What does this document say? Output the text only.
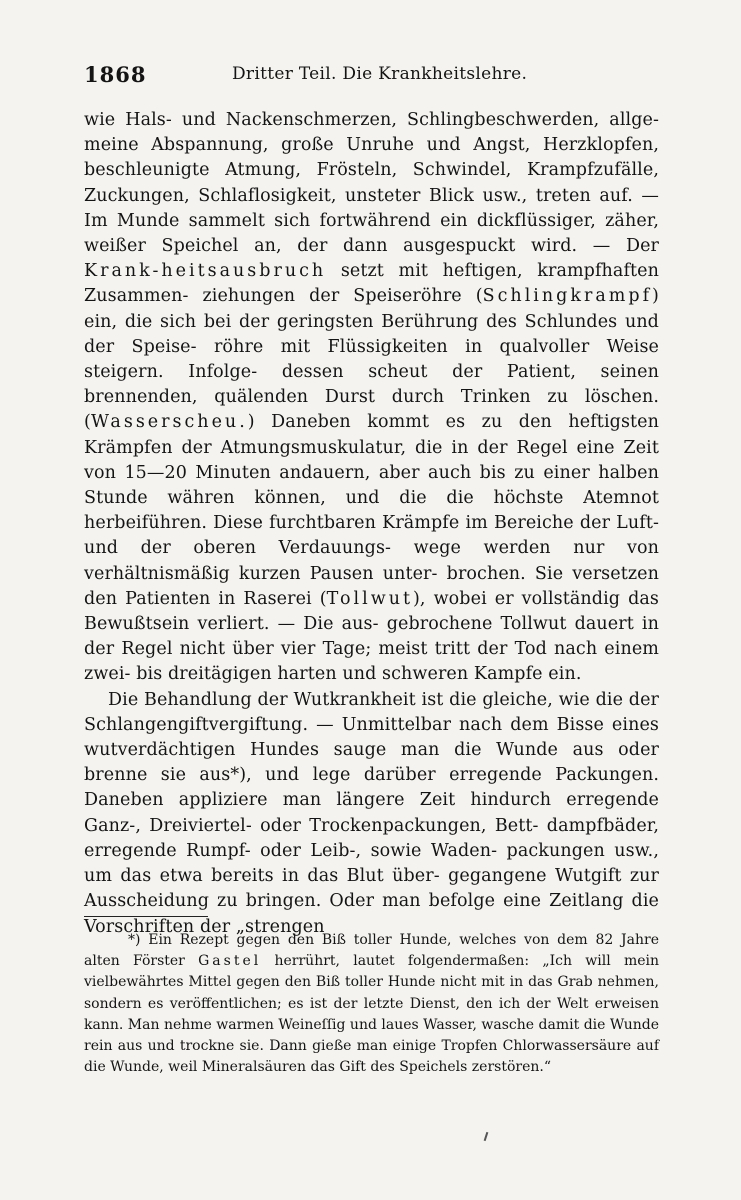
1868	Dritter Teil. Die Krankheitslehre.

wie Hals- und Nackenschmerzen, Schlingbeschwerden, allge- meine Abspannung, große Unruhe und Angst, Herzklopfen, beschleunigte Atmung, Frösteln, Schwindel, Krampfzufälle, Zuckungen, Schlaflosigkeit, unsteter Blick usw., treten auf. — Im Munde sammelt sich fortwährend ein dickflüssiger, zäher, weißer Speichel an, der dann ausgespuckt wird. — Der Krank-heitsausbruch setzt mit heftigen, krampfhaften Zusammen- ziehungen der Speiseröhre (Schlingkrampf) ein, die sich bei der geringsten Berührung des Schlundes und der Speise- röhre mit Flüssigkeiten in qualvoller Weise steigern. Infolge- dessen scheut der Patient, seinen brennenden, quälenden Durst durch Trinken zu löschen. (Wasserscheu.) Daneben kommt es zu den heftigsten Krämpfen der Atmungsmuskulatur, die in der Regel eine Zeit von 15—20 Minuten andauern, aber auch bis zu einer halben Stunde währen können, und die die höchste Atemnot herbeiführen. Diese furchtbaren Krämpfe im Bereiche der Luft- und der oberen Verdauungs- wege werden nur von verhältnismäßig kurzen Pausen unter- brochen. Sie versetzen den Patienten in Raserei (Tollwut), wobei er vollständig das Bewußtsein verliert. — Die aus- gebrochene Tollwut dauert in der Regel nicht über vier Tage; meist tritt der Tod nach einem zwei- bis dreitägigen harten und schweren Kampfe ein.

Die Behandlung der Wutkrankheit ist die gleiche, wie die der Schlangengiftvergiftung. — Unmittelbar nach dem Bisse eines wutverdächtigen Hundes sauge man die Wunde aus oder brenne sie aus*), und lege darüber erregende Packungen. Daneben appliziere man längere Zeit hindurch erregende Ganz-, Dreiviertel- oder Trockenpackungen, Bett- dampfbäder, erregende Rumpf- oder Leib-, sowie Waden- packungen usw., um das etwa bereits in das Blut über- gegangene Wutgift zur Ausscheidung zu bringen. Oder man befolge eine Zeitlang die Vorschriften der „strengen

*) Ein Rezept gegen den Biß toller Hunde, welches von dem 82 Jahre alten Förster Gastel herrührt, lautet folgendermaßen: „Ich will mein vielbewährtes Mittel gegen den Biß toller Hunde nicht mit in das Grab nehmen, sondern es veröffentlichen; es ist der letzte Dienst, den ich der Welt erweisen kann. Man nehme warmen Weineſſig und laues Wasser, wasche damit die Wunde rein aus und trockne sie. Dann gieße man einige Tropfen Chlorwassersäure auf die Wunde, weil Mineralsäuren das Gift des Speichels zerstören.“
